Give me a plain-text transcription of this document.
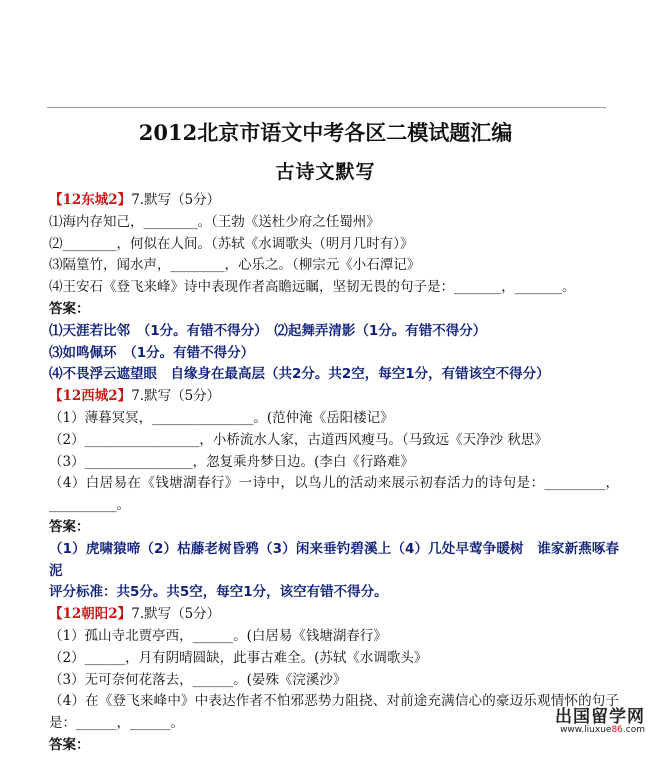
2012北京市语文中考各区二模试题汇编
古诗文默写
【12东城2】7.默写（5分）
⑴海内存知己，________。（王勃《送杜少府之任蜀州》
⑵________，何似在人间。（苏轼《水调歌头（明月几时有）》
⑶隔篁竹，闻水声，________，心乐之。（柳宗元《小石潭记》
⑷王安石《登飞来峰》诗中表现作者高瞻远瞩，坚韧无畏的句子是：_______，_______。
答案：
⑴天涯若比邻　（1分。有错不得分）　⑵起舞弄清影（1分。有错不得分）
⑶如鸣佩环　（1分。有错不得分）
⑷不畏浮云遮望眼　自缘身在最高层（共2分。共2空，每空1分，有错该空不得分）
【12西城2】7.默写（5分）
（1）薄暮冥冥，_______________。(范仲淹《岳阳楼记》
（2）_________________，小桥流水人家，古道西风瘦马。（马致远《天净沙 秋思》
（3）________________，忽复乘舟梦日边。(李白《行路难》
（4）白居易在《钱塘湖春行》一诗中，以鸟儿的活动来展示初春活力的诗句是：_________，__________。
答案：
（1）虎啸猿啼（2）枯藤老树昏鸦（3）闲来垂钓碧溪上（4）几处早莺争暖树　谁家新燕啄春泥
评分标准：共5分。共5空，每空1分，该空有错不得分。
【12朝阳2】7.默写（5分）
（1）孤山寺北贾亭西，______。(白居易《钱塘湖春行》
（2）______，月有阴晴圆缺，此事古难全。(苏轼《水调歌头》
（3）无可奈何花落去，______。(晏殊《浣溪沙》
（4）在《登飞来峰中》中表达作者不怕邪恶势力阻挠、对前途充满信心的豪迈乐观情怀的句子是：______，______。
答案：
出国留学网
www.liuxue86.com
